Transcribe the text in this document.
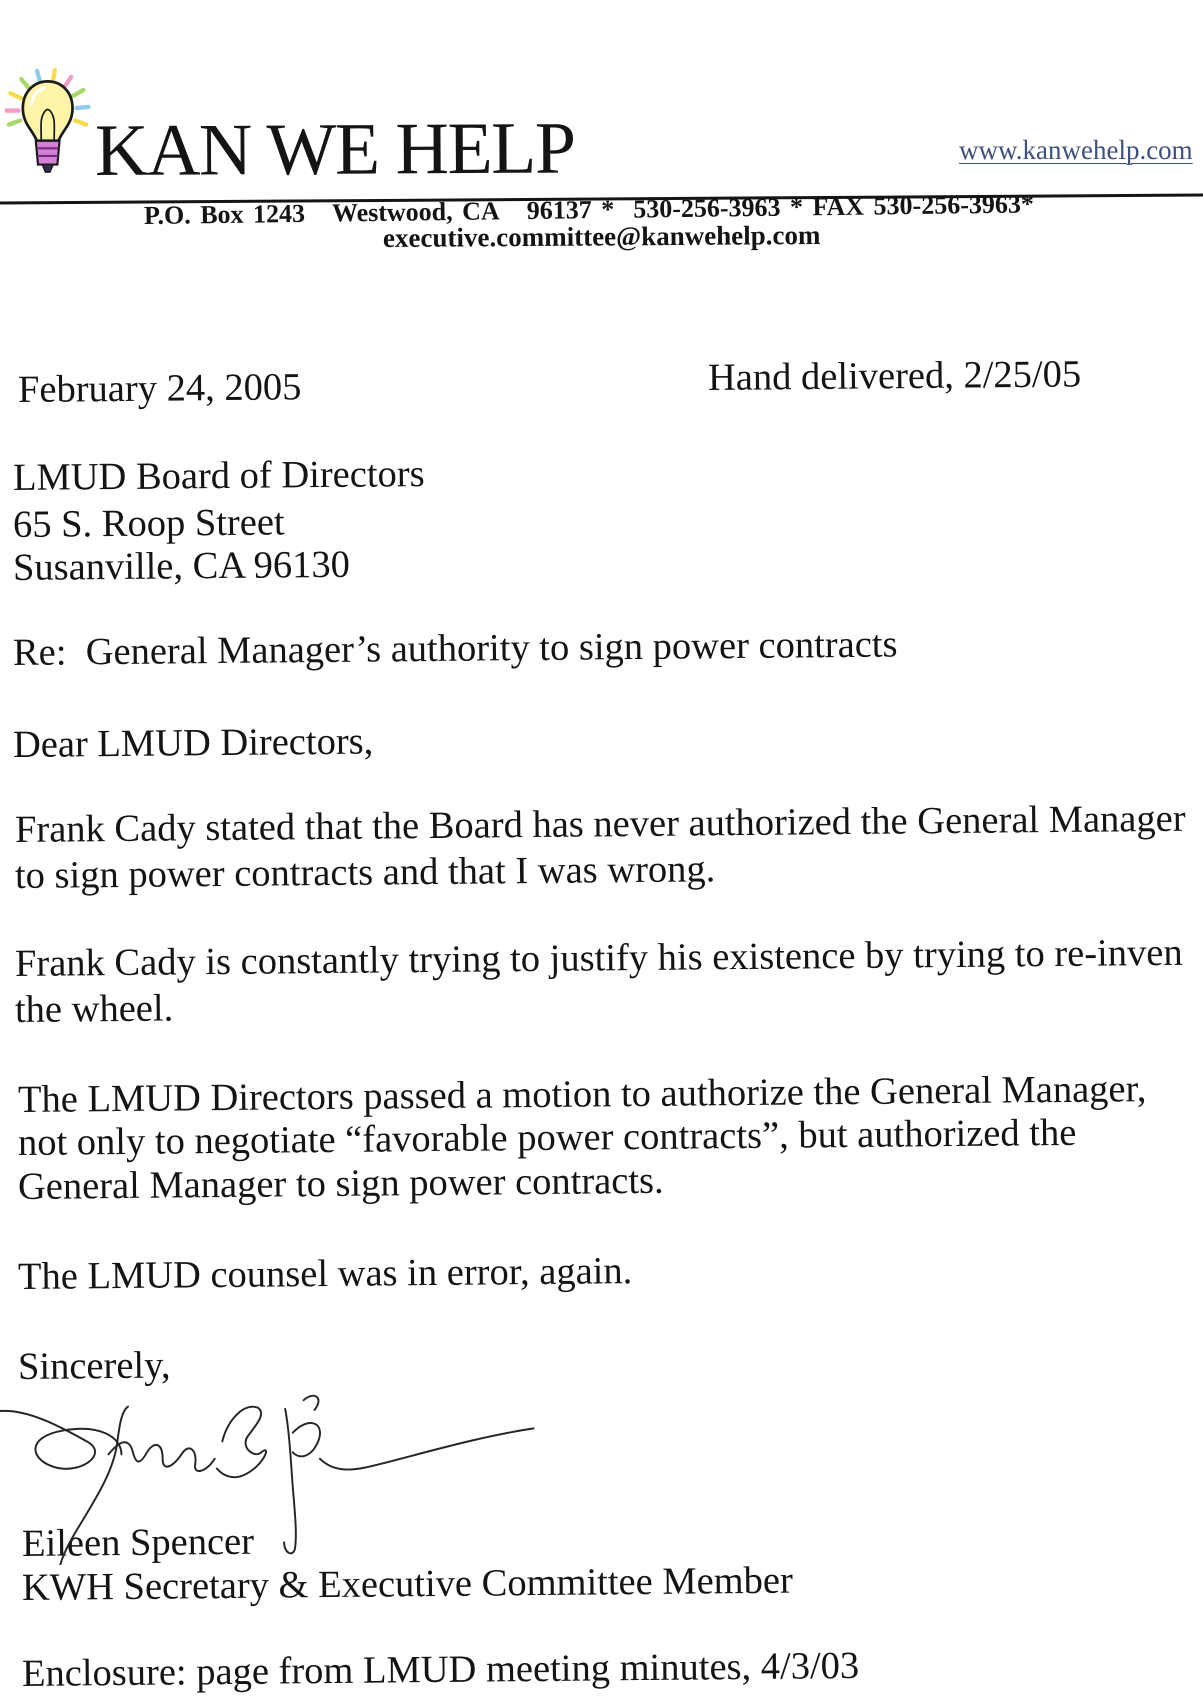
KAN WE HELP	www.kanwehelp.com
P.O. Box 1243 Westwood, CA   96137 *  530-256-3963 * FAX 530-256-3963*
executive.committee@kanwehelp.com
February 24, 2005	Hand delivered, 2/25/05
LMUD Board of Directors
65 S. Roop Street
Susanville, CA 96130
Re:  General Manager’s authority to sign power contracts
Dear LMUD Directors,
Frank Cady stated that the Board has never authorized the General Manager
to sign power contracts and that I was wrong.
Frank Cady is constantly trying to justify his existence by trying to re-inven
the wheel.
The LMUD Directors passed a motion to authorize the General Manager,
not only to negotiate “favorable power contracts”, but authorized the
General Manager to sign power contracts.
The LMUD counsel was in error, again.
Sincerely,
Eileen Spencer
KWH Secretary & Executive Committee Member
Enclosure: page from LMUD meeting minutes, 4/3/03
